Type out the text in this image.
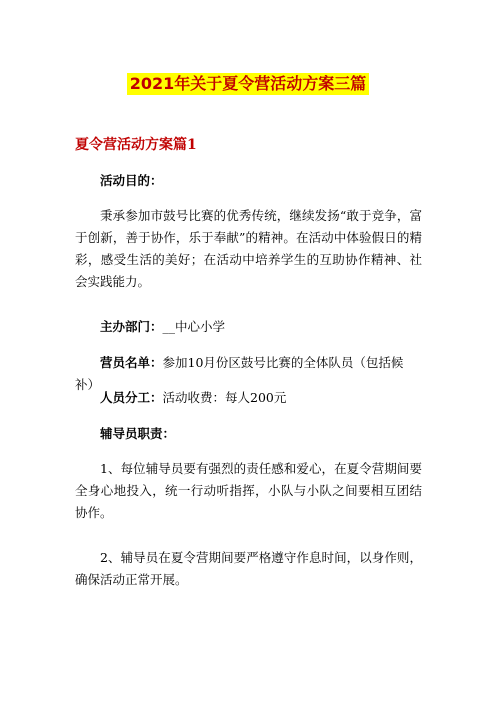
2021年关于夏令营活动方案三篇
夏令营活动方案篇1
活动目的：
秉承参加市鼓号比赛的优秀传统，继续发扬“敢于竞争，富于创新，善于协作，乐于奉献”的精神。在活动中体验假日的精彩，感受生活的美好；在活动中培养学生的互助协作精神、社会实践能力。
主办部门：__中心小学
营员名单：参加10月份区鼓号比赛的全体队员（包括候补）
人员分工：活动收费：每人200元
辅导员职责：
1、每位辅导员要有强烈的责任感和爱心，在夏令营期间要全身心地投入，统一行动听指挥，小队与小队之间要相互团结协作。
2、辅导员在夏令营期间要严格遵守作息时间，以身作则，确保活动正常开展。
